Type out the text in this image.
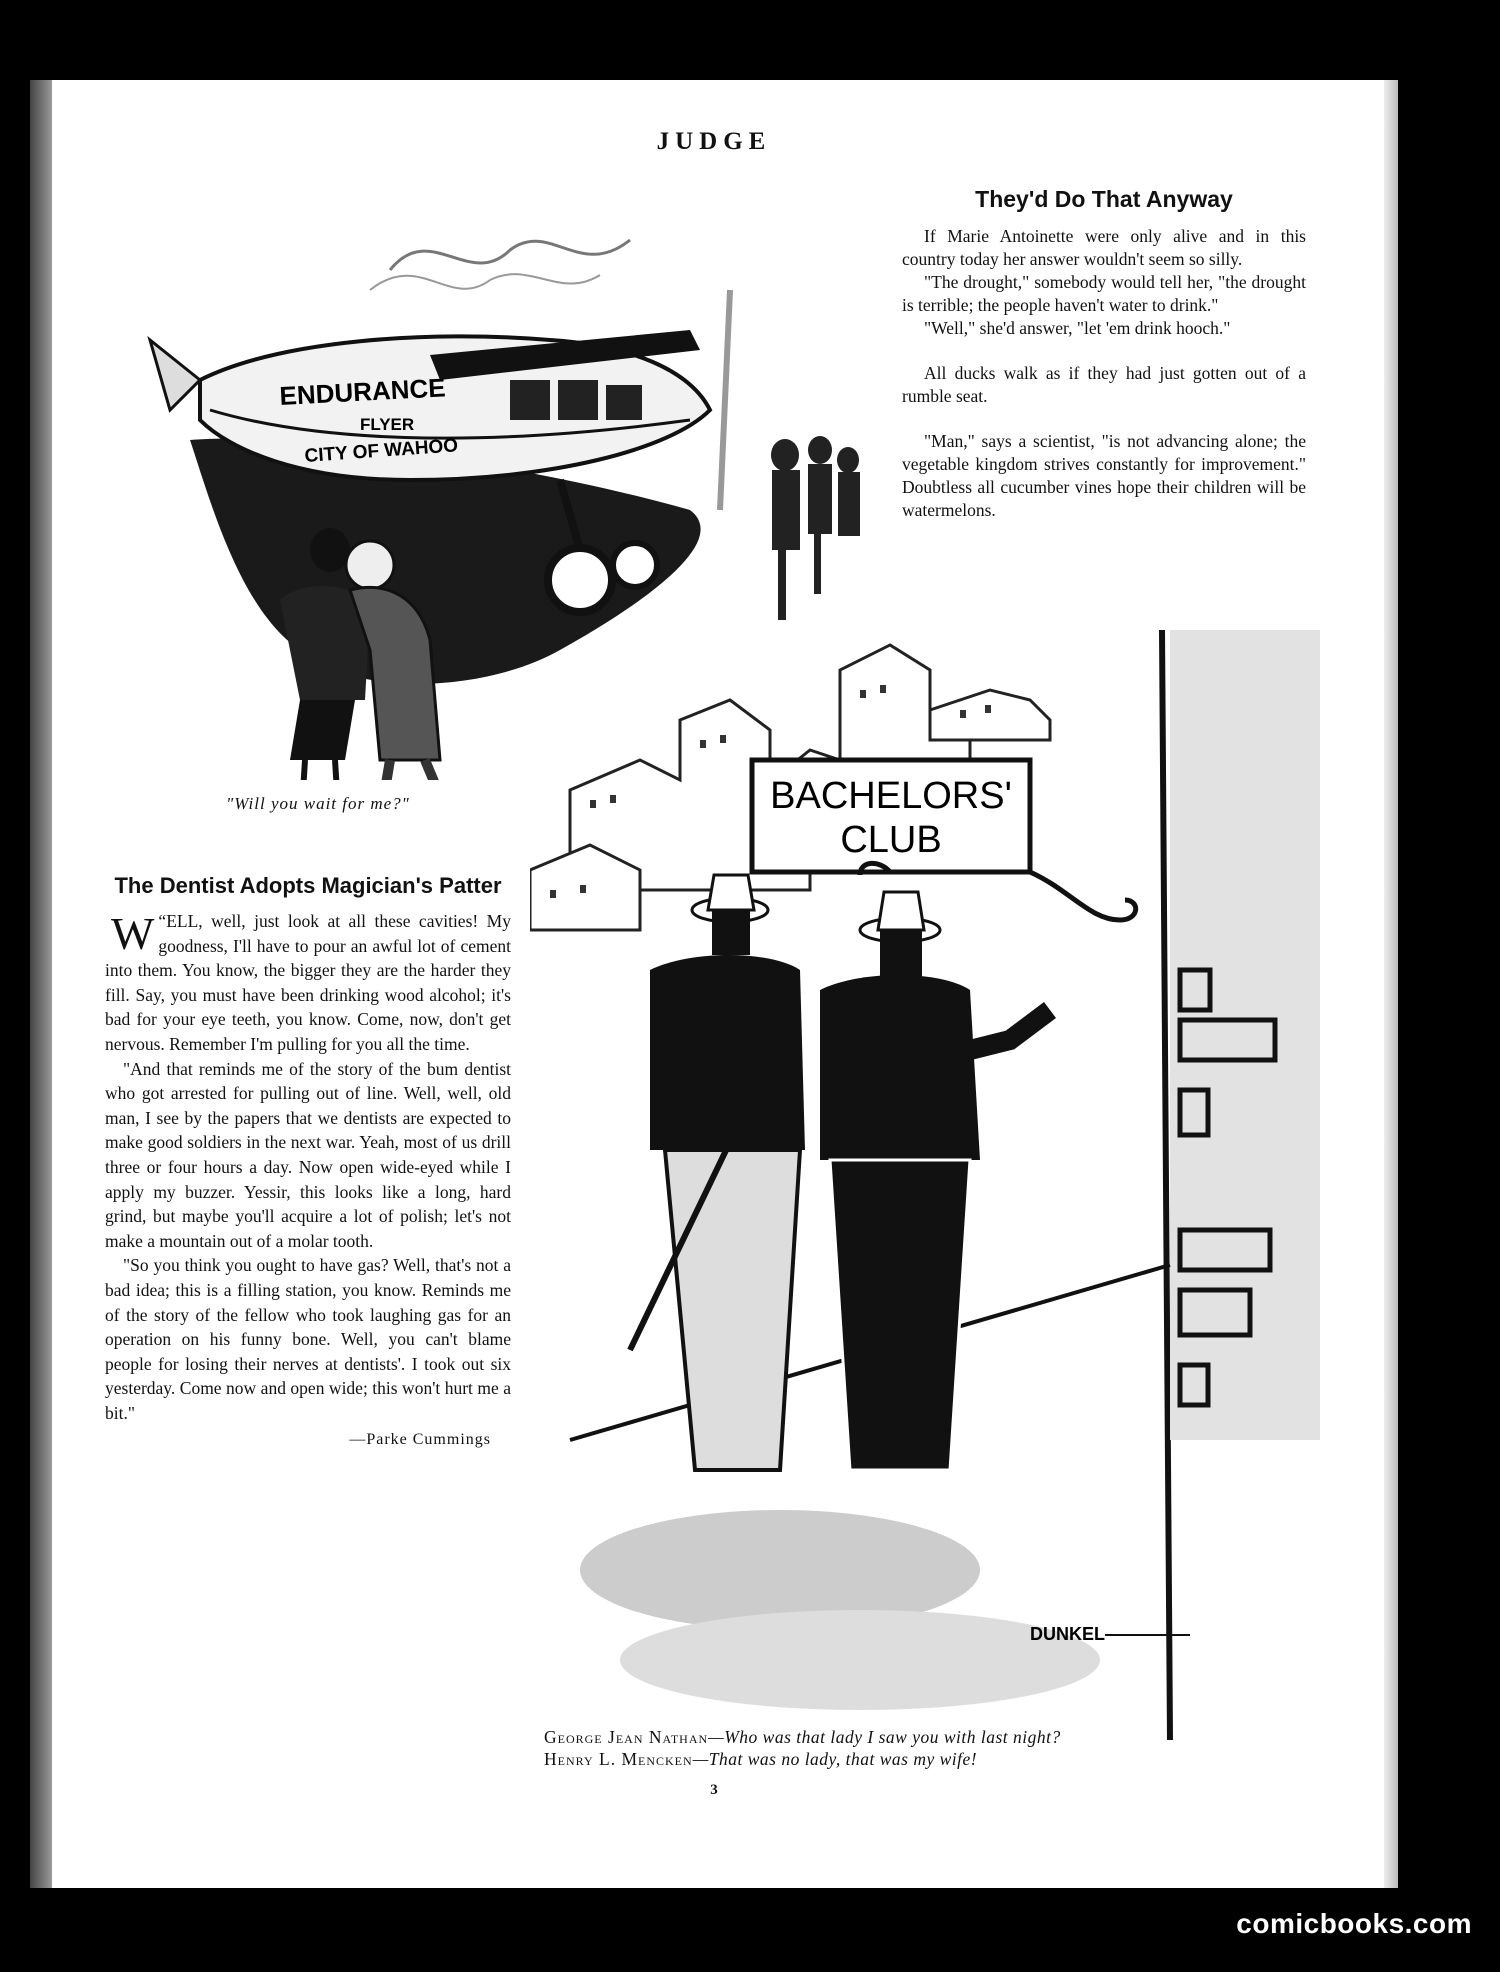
JUDGE
ENDURANCE
FLYER
CITY OF WAHOO
"Will you wait for me?"
They'd Do That Anyway

If Marie Antoinette were only alive and in this country today her answer wouldn't seem so silly.

"The drought," somebody would tell her, "the drought is terrible; the people haven't water to drink."

"Well," she'd answer, "let 'em drink hooch."

All ducks walk as if they had just gotten out of a rumble seat.

"Man," says a scientist, "is not advancing alone; the vegetable kingdom strives constantly for improvement." Doubtless all cucumber vines hope their children will be watermelons.

The Dentist Adopts Magician's Patter

“
W ELL, well, just look at all these cavities! My goodness, I'll have to pour an awful lot of cement into them. You know, the bigger they are the harder they fill. Say, you must have been drinking wood alcohol; it's bad for your eye teeth, you know. Come, now, don't get nervous. Remember I'm pulling for you all the time.

"And that reminds me of the story of the bum dentist who got arrested for pulling out of line. Well, well, old man, I see by the papers that we dentists are expected to make good soldiers in the next war. Yeah, most of us drill three or four hours a day. Now open wide-eyed while I apply my buzzer. Yessir, this looks like a long, hard grind, but maybe you'll acquire a lot of polish; let's not make a mountain out of a molar tooth.

"So you think you ought to have gas? Well, that's not a bad idea; this is a filling station, you know. Reminds me of the story of the fellow who took laughing gas for an operation on his funny bone. Well, you can't blame people for losing their nerves at dentists'. I took out six yesterday. Come now and open wide; this won't hurt me a bit."

—Parke Cummings
BACHELORS'
CLUB
DUNKEL
George Jean Nathan—Who was that lady I saw you with last night?
Henry L. Mencken—That was no lady, that was my wife!
3
comicbooks.com
